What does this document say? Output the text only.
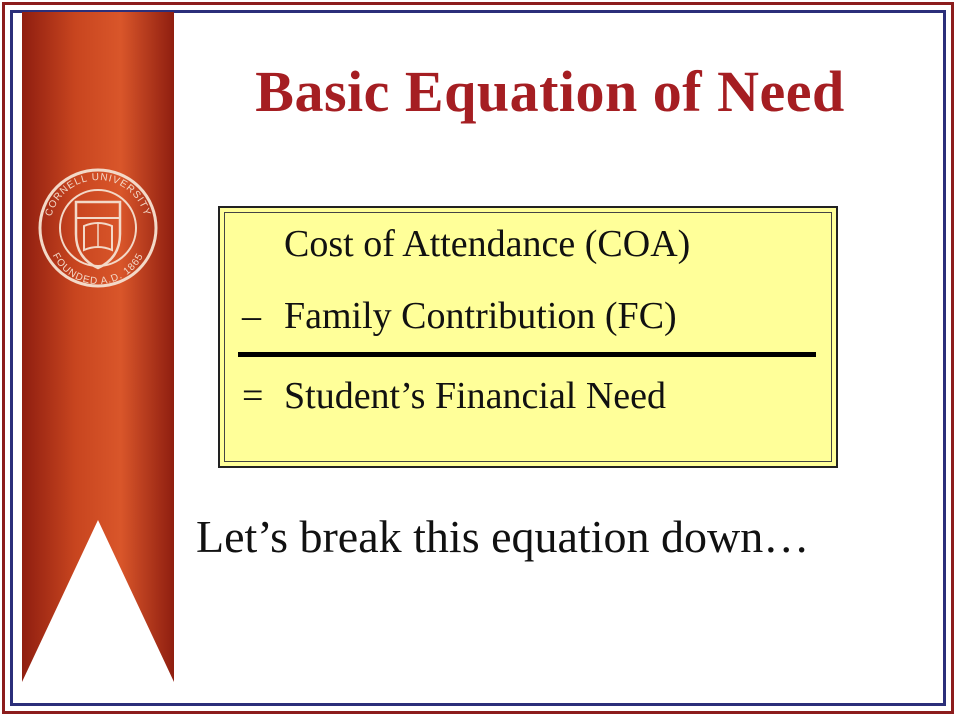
CORNELL UNIVERSITY
FOUNDED A.D. 1865
Basic Equation of Need
Cost of Attendance (COA)
– Family Contribution (FC)
= Student’s Financial Need
Let’s break this equation down…
